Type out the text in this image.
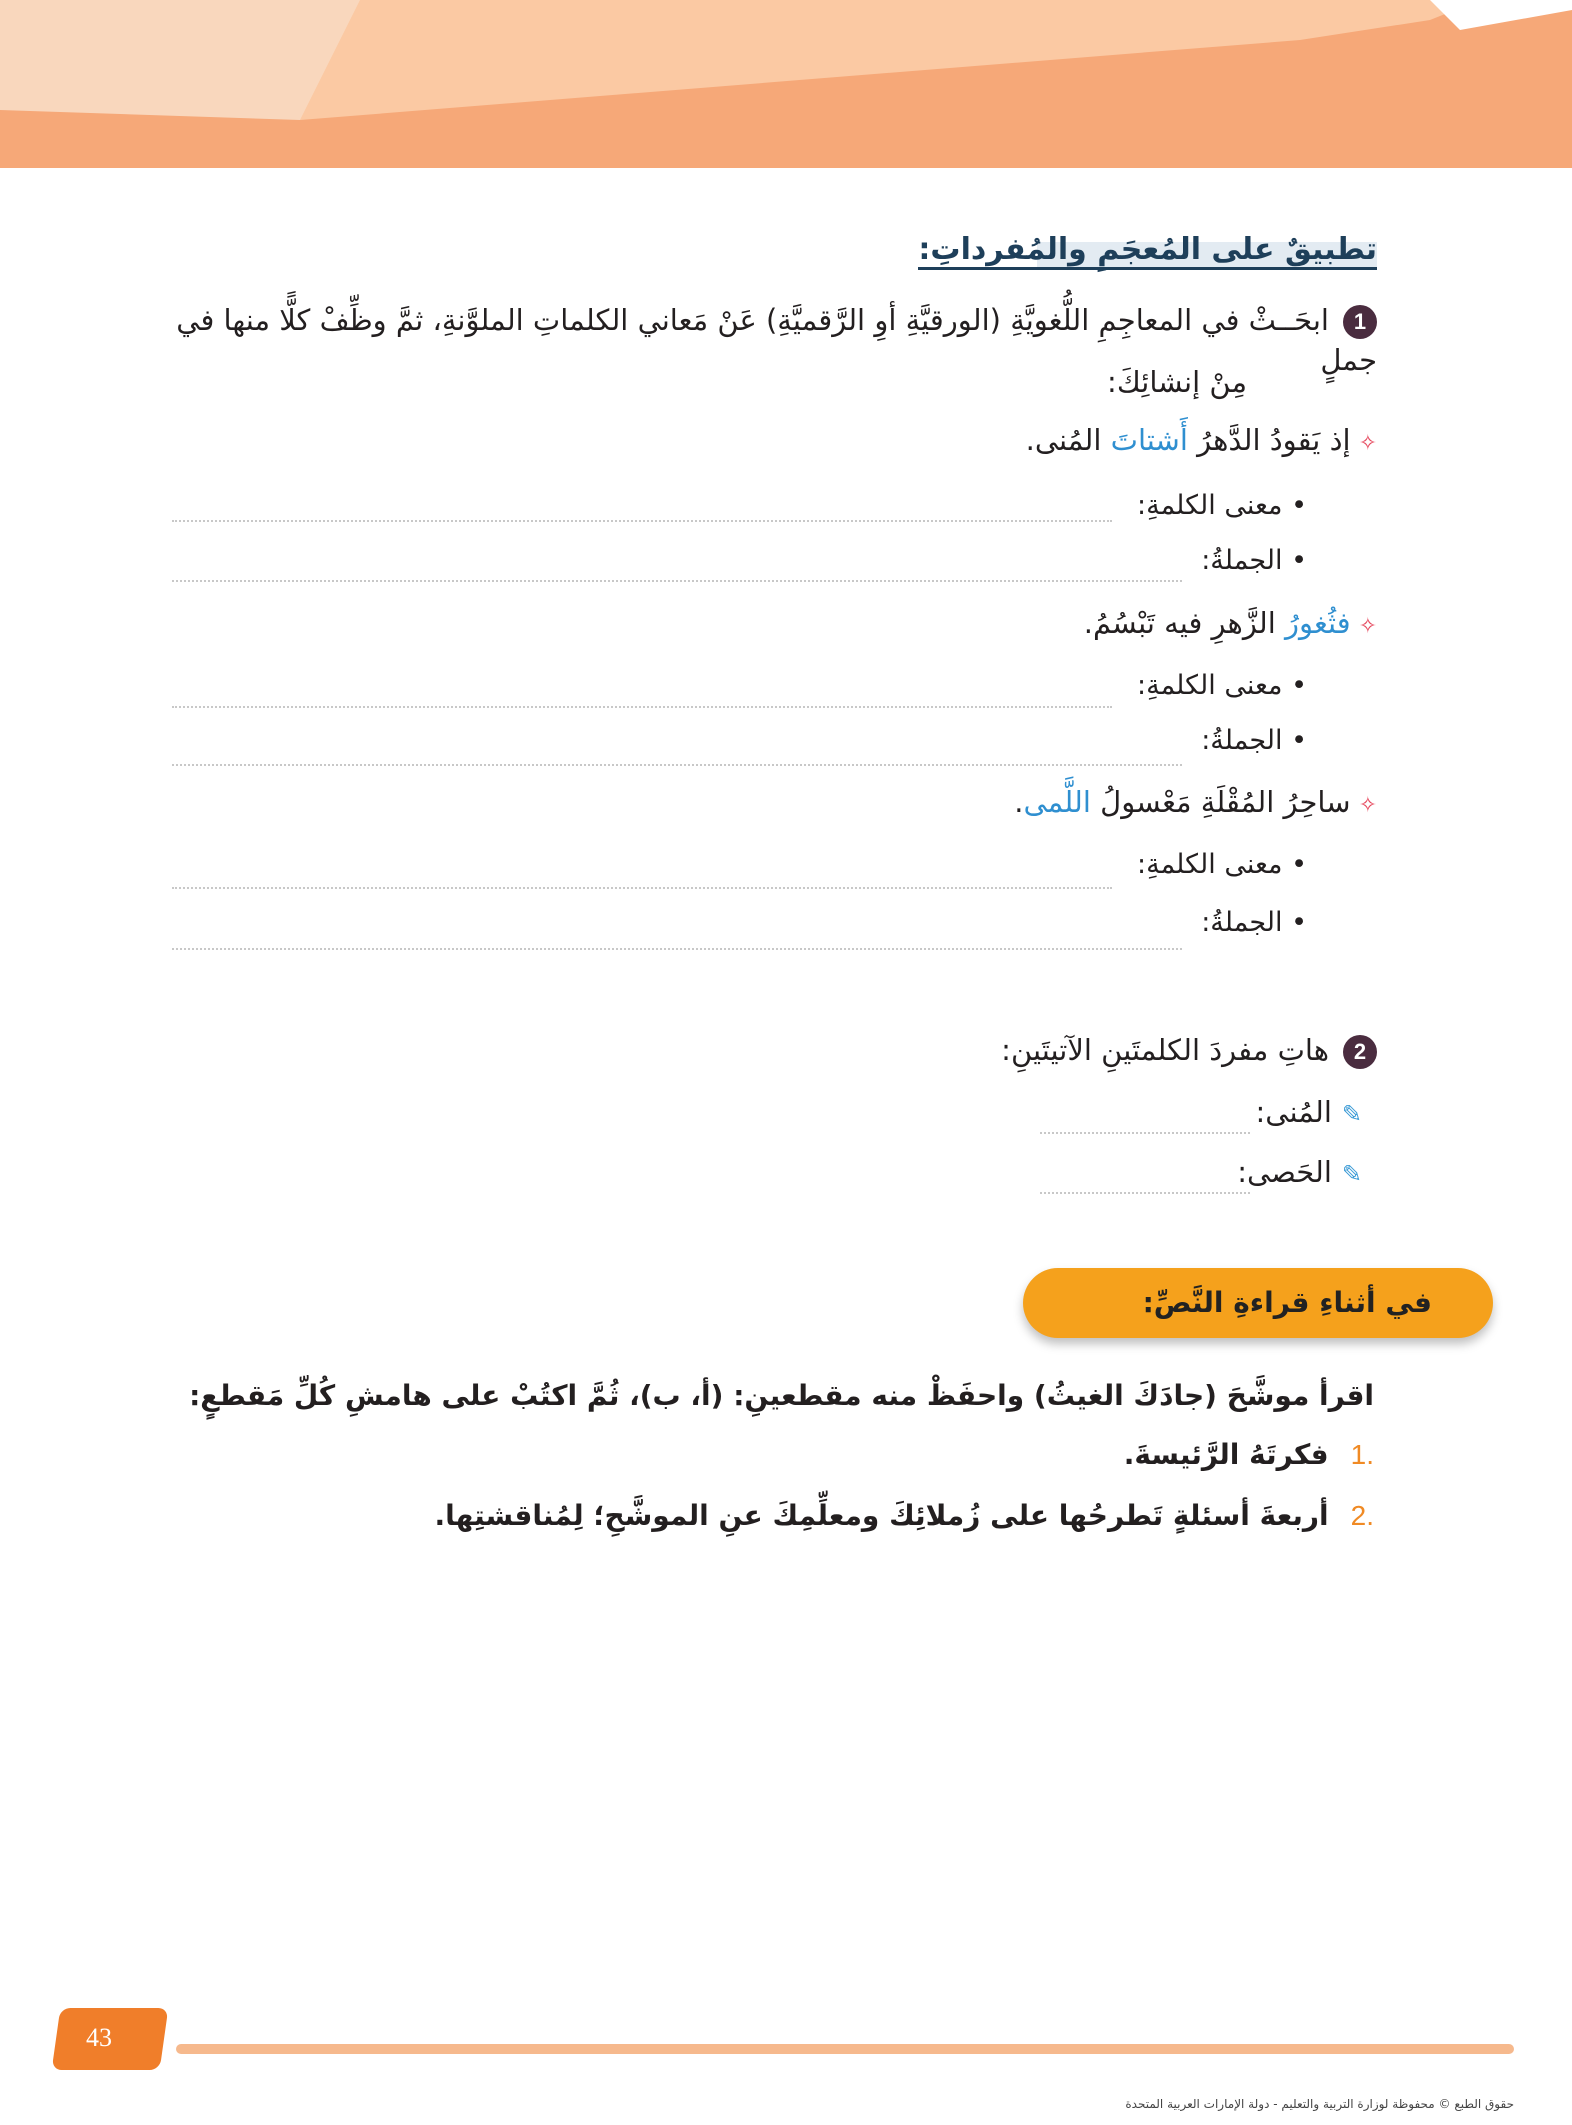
تطبيقٌ على المُعجَمِ والمُفرداتِ:
1ابحَــثْ في المعاجِمِ اللُّغويَّةِ (الورقيَّةِ أوِ الرَّقميَّةِ) عَنْ مَعاني الكلماتِ الملوَّنةِ، ثمَّ وظِّفْ كلًّا منها في جملٍ
مِنْ إنشائِكَ:
✧إذ يَقودُ الدَّهرُ أَشتاتَ المُنى.
• معنى الكلمةِ:
• الجملةُ:
✧فثُغورُ الزَّهرِ فيه تَبْسُمُ.
• معنى الكلمةِ:
• الجملةُ:
✧ساحِرُ المُقْلَةِ مَعْسولُ اللَّمى.
• معنى الكلمةِ:
• الجملةُ:
2هاتِ مفردَ الكلمتَينِ الآتيتَينِ:
✎المُنى:
✎الحَصى:
في أثناءِ قراءةِ النَّصِّ:
اقرأ موشَّحَ (جادَكَ الغيثُ) واحفَظْ منه مقطعينِ: (أ، ب)، ثُمَّ اكتُبْ على هامشِ كُلِّ مَقطعٍ:
.1فكرتَهُ الرَّئيسةَ.
.2أربعةَ أسئلةٍ تَطرحُها على زُملائِكَ ومعلِّمِكَ عنِ الموشَّحِ؛ لِمُناقشتِها.
43
حقوق الطبع © محفوظة لوزارة التربية والتعليم - دولة الإمارات العربية المتحدة
